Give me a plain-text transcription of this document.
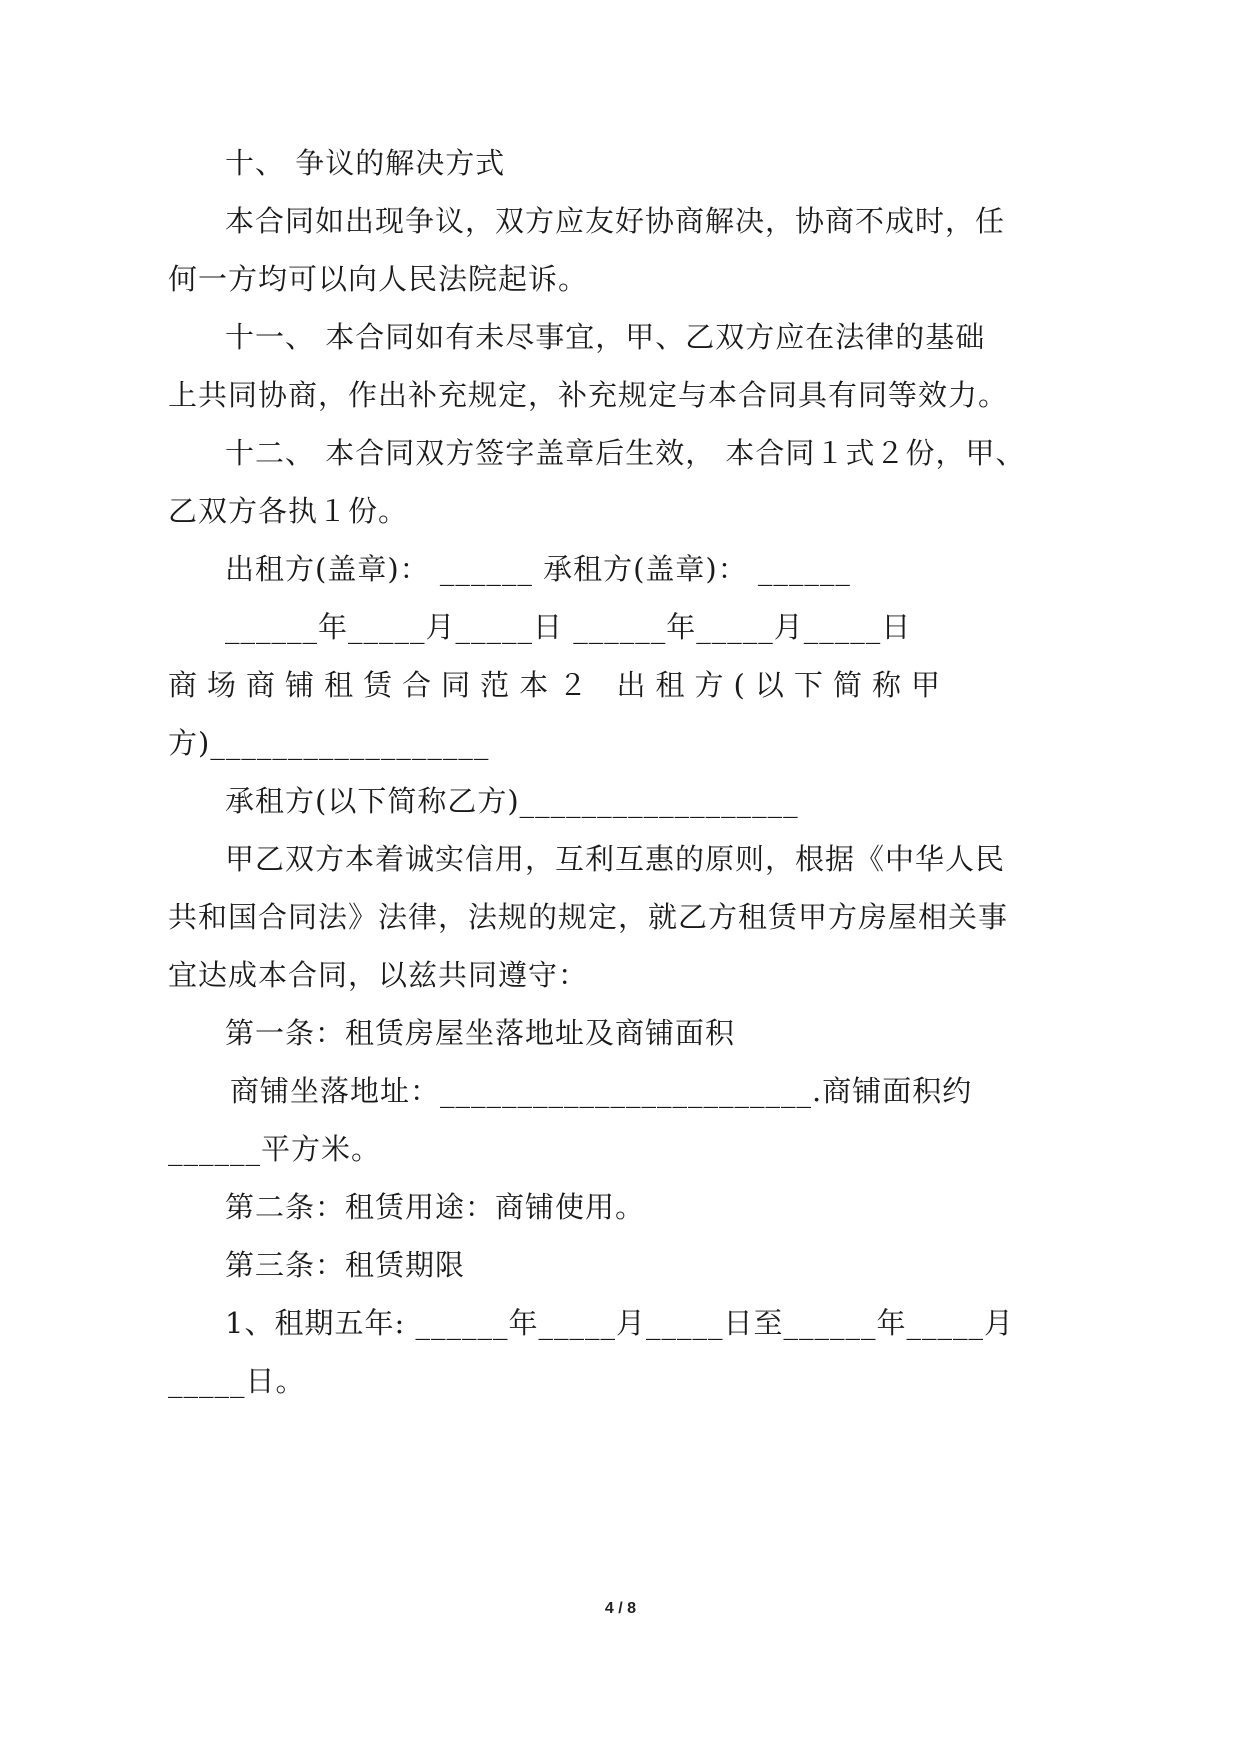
十、 争议的解决方式
本合同如出现争议，双方应友好协商解决，协商不成时，任
何一方均可以向人民法院起诉。
十一、 本合同如有未尽事宜，甲、乙双方应在法律的基础
上共同协商，作出补充规定，补充规定与本合同具有同等效力。
十二、 本合同双方签字盖章后生效， 本合同１式２份，甲、
乙双方各执１份。
出租方(盖章)： ______ 承租方(盖章)： ______
______年_____月_____日 ______年_____月_____日
商场商铺租赁合同范本２ 出租方(以下简称甲
方)__________________
承租方(以下简称乙方)__________________
甲乙双方本着诚实信用，互利互惠的原则，根据《中华人民
共和国合同法》法律，法规的规定，就乙方租赁甲方房屋相关事
宜达成本合同，以兹共同遵守：
第一条：租赁房屋坐落地址及商铺面积
商铺坐落地址：________________________.商铺面积约
______平方米。
第二条：租赁用途：商铺使用。
第三条：租赁期限
1、租期五年: ______年_____月_____日至______年_____月
_____日。
4 / 8
